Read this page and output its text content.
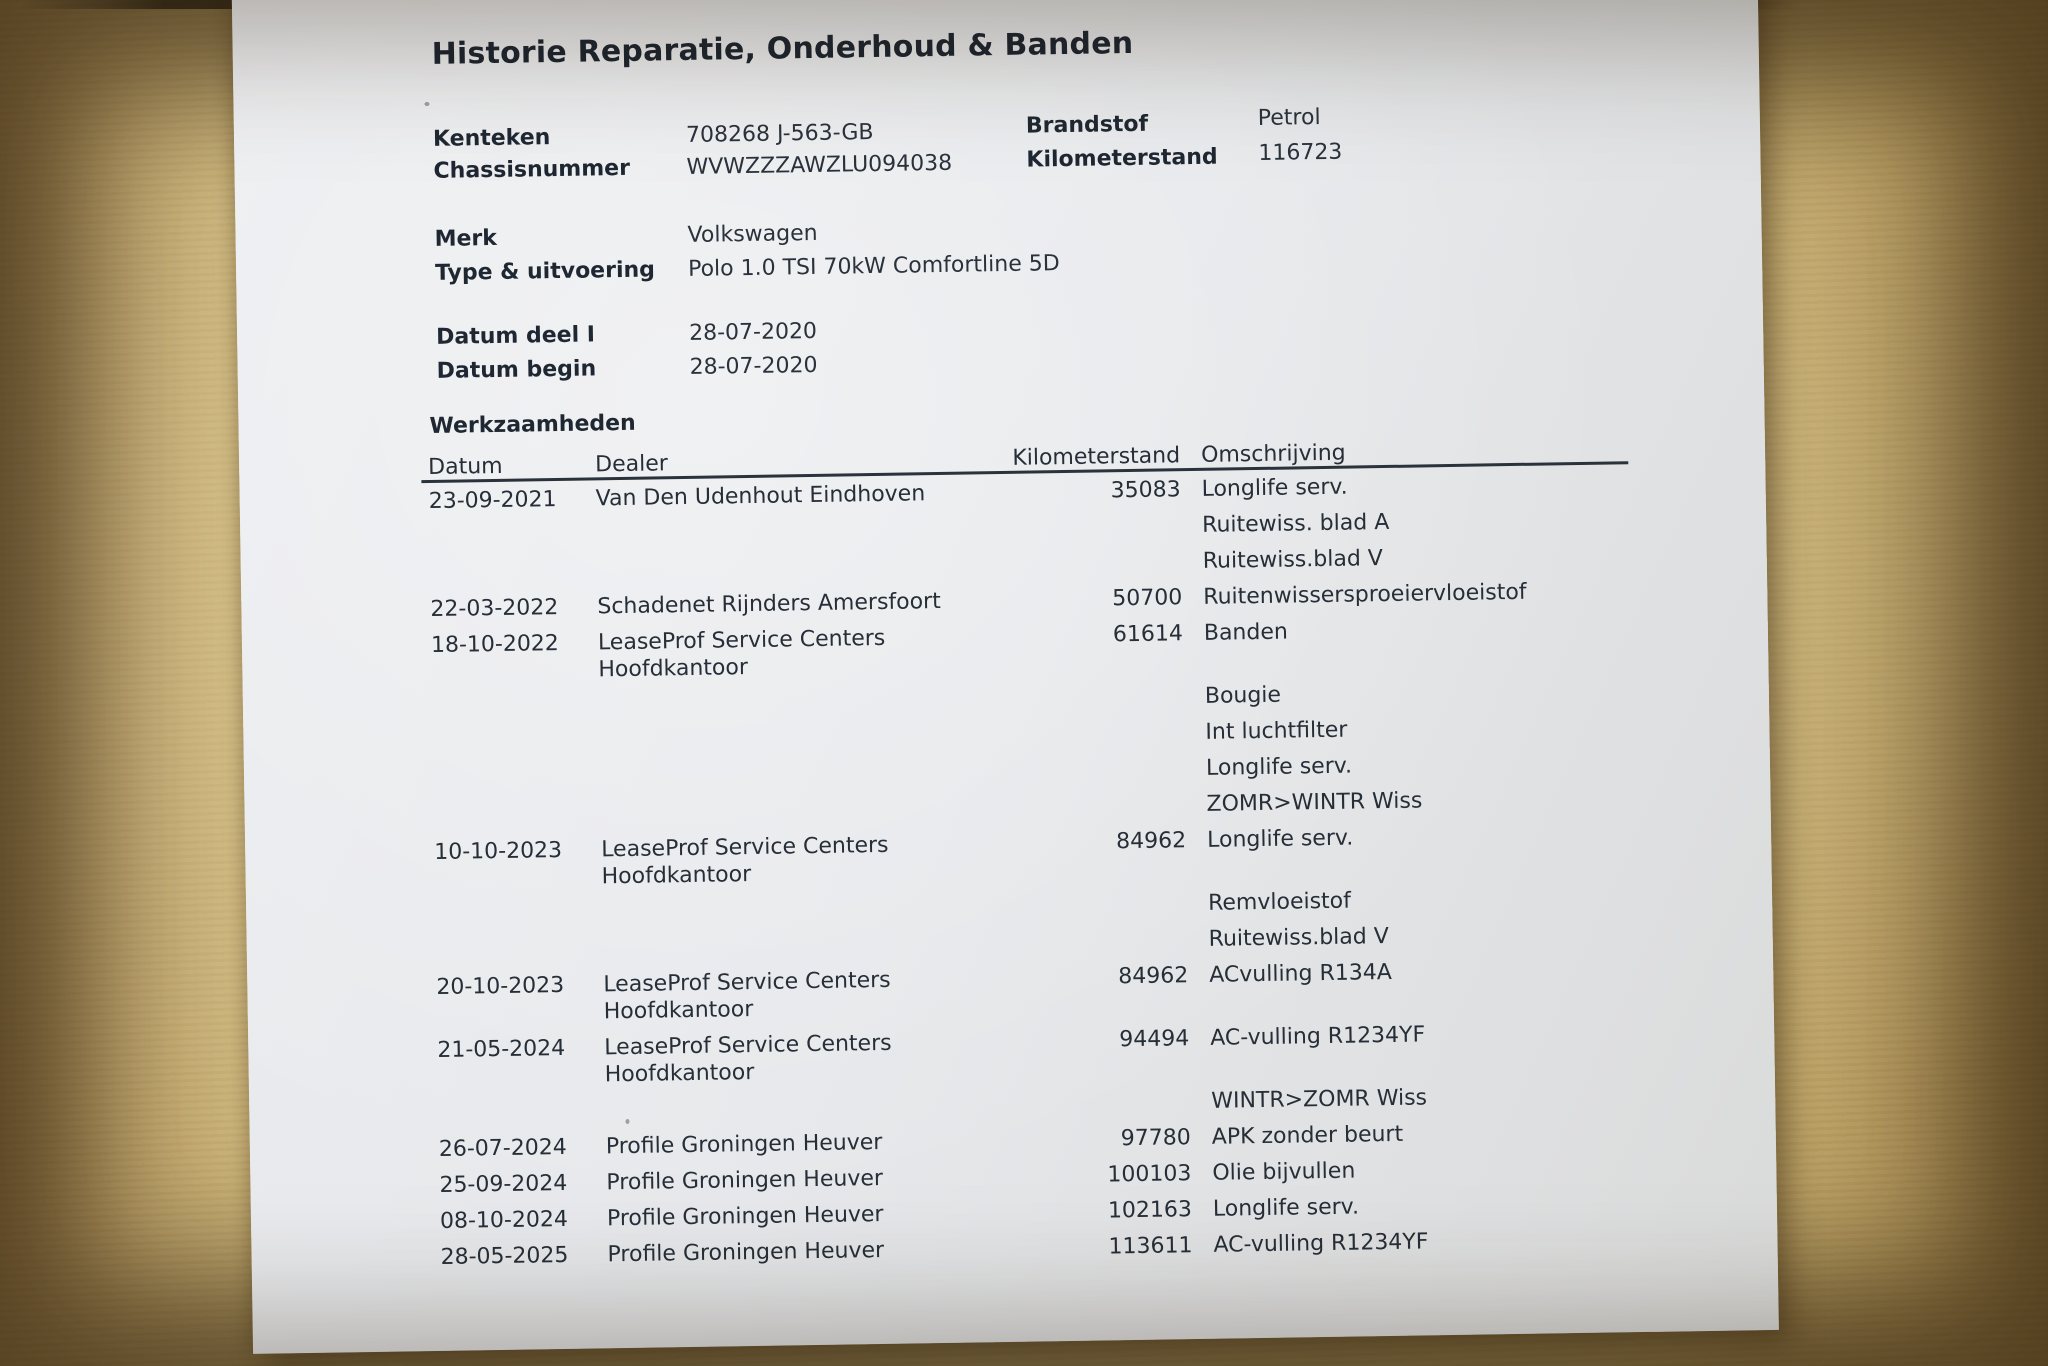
Historie Reparatie, Onderhoud & Banden
Kenteken	708268 J-563-GB
Chassisnummer	WVWZZZAWZLU094038
Brandstof	Petrol
Kilometerstand 116723
Merk	Volkswagen
Type & uitvoering Polo 1.0 TSI 70kW Comfortline 5D
Datum deel I	28-07-2020
Datum begin	28-07-2020
Werkzaamheden
Datum	Dealer	Kilometerstand Omschrijving
23-09-2021	Van Den Udenhout Eindhoven	35083 Longlife serv.
Ruitewiss. blad A
Ruitewiss.blad V
22-03-2022	Schadenet Rijnders Amersfoort	50700 Ruitenwissersproeiervloeistof
18-10-2022	LeaseProf Service Centers	61614 Banden
Hoofdkantoor
Bougie
Int luchtfilter
Longlife serv.
ZOMR>WINTR Wiss
10-10-2023	LeaseProf Service Centers	84962 Longlife serv.
Hoofdkantoor
Remvloeistof
Ruitewiss.blad V
20-10-2023	LeaseProf Service Centers	84962 ACvulling R134A
Hoofdkantoor
21-05-2024	LeaseProf Service Centers	94494 AC-vulling R1234YF
Hoofdkantoor
WINTR>ZOMR Wiss
26-07-2024	Profile Groningen Heuver	97780 APK zonder beurt
25-09-2024	Profile Groningen Heuver	100103 Olie bijvullen
08-10-2024	Profile Groningen Heuver	102163 Longlife serv.
28-05-2025	Profile Groningen Heuver	113611 AC-vulling R1234YF
